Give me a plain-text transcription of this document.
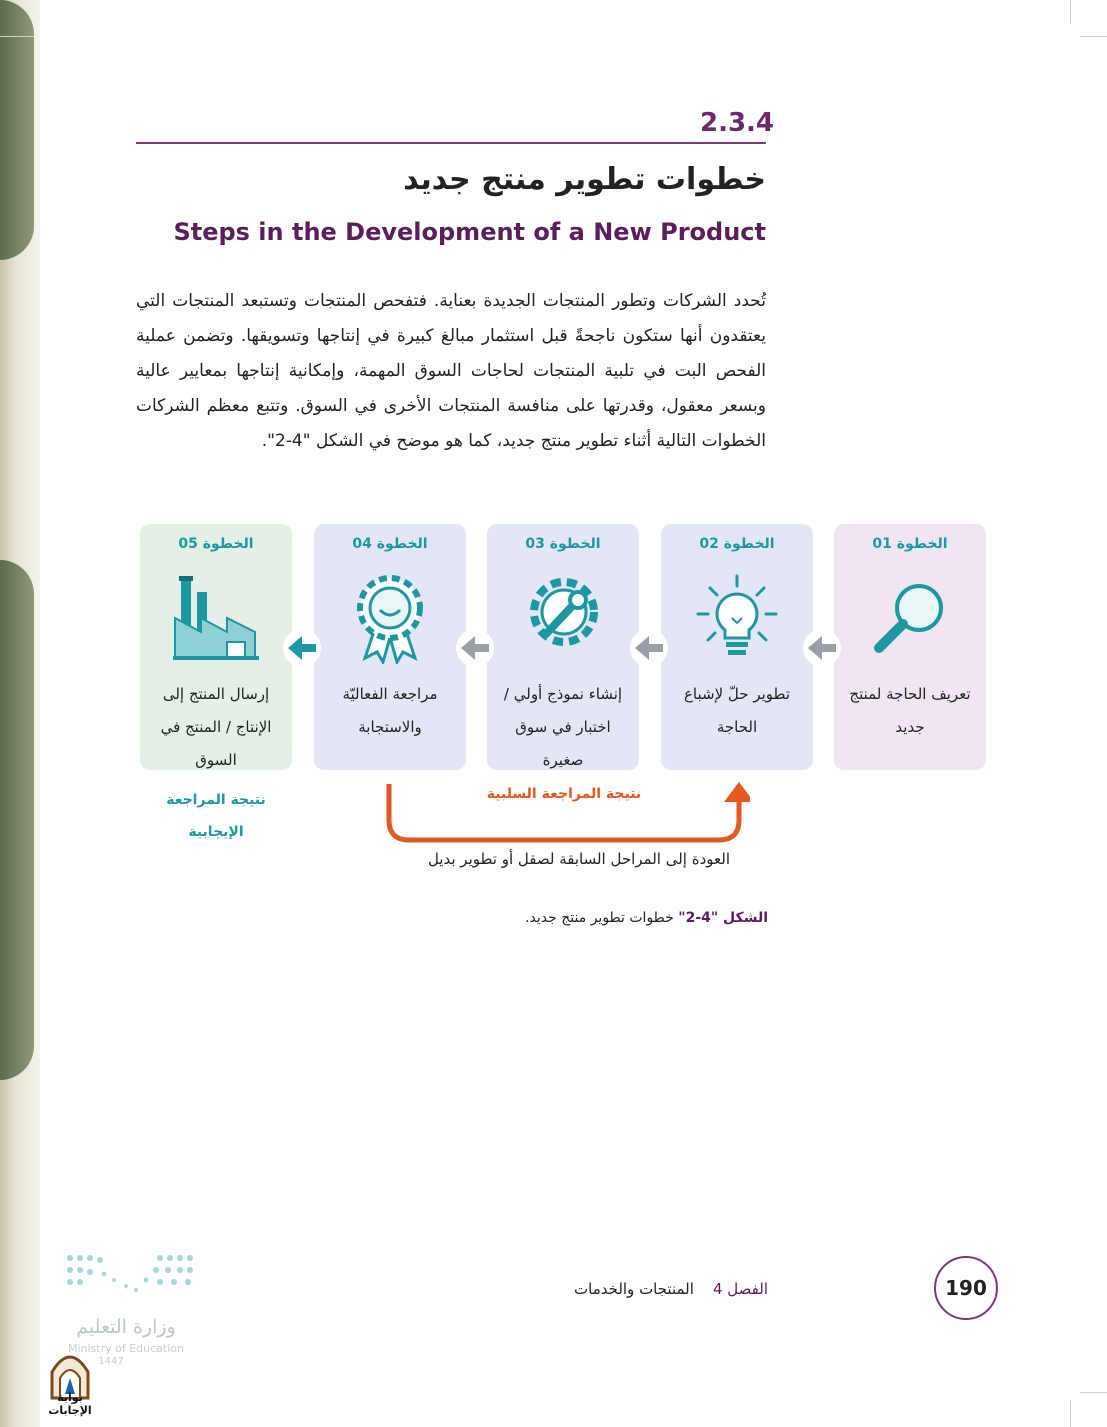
2.3.4
خطوات تطوير منتج جديد
Steps in the Development of a New Product
تُحدد الشركات وتطور المنتجات الجديدة بعناية. فتفحص المنتجات وتستبعد المنتجات التي يعتقدون أنها ستكون ناجحةً قبل استثمار مبالغ كبيرة في إنتاجها وتسويقها. وتضمن عملية الفحص البت في تلبية المنتجات لحاجات السوق المهمة، وإمكانية إنتاجها بمعايير عالية وبسعر معقول، وقدرتها على منافسة المنتجات الأخرى في السوق. وتتبع معظم الشركات الخطوات التالية أثناء تطوير منتج جديد، كما هو موضح في الشكل "4-2".
الخطوة 01
تعريف الحاجة لمنتج جديد
الخطوة 02
تطوير حلّ لإشباع الحاجة
الخطوة 03
إنشاء نموذج أولي / اختبار في سوق صغيرة
الخطوة 04
مراجعة الفعاليّة والاستجابة
الخطوة 05
إرسال المنتج إلى الإنتاج / المنتج في السوق
نتيجة المراجعة الإيجابية
نتيجة المراجعة السلبية
العودة إلى المراحل السابقة لصقل أو تطوير بديل
الشكل "4-2" خطوات تطوير منتج جديد.
190
الفصل 4    المنتجات والخدمات
وزارة التعليم
Ministry of Education
1447
بوابة الإجابات
